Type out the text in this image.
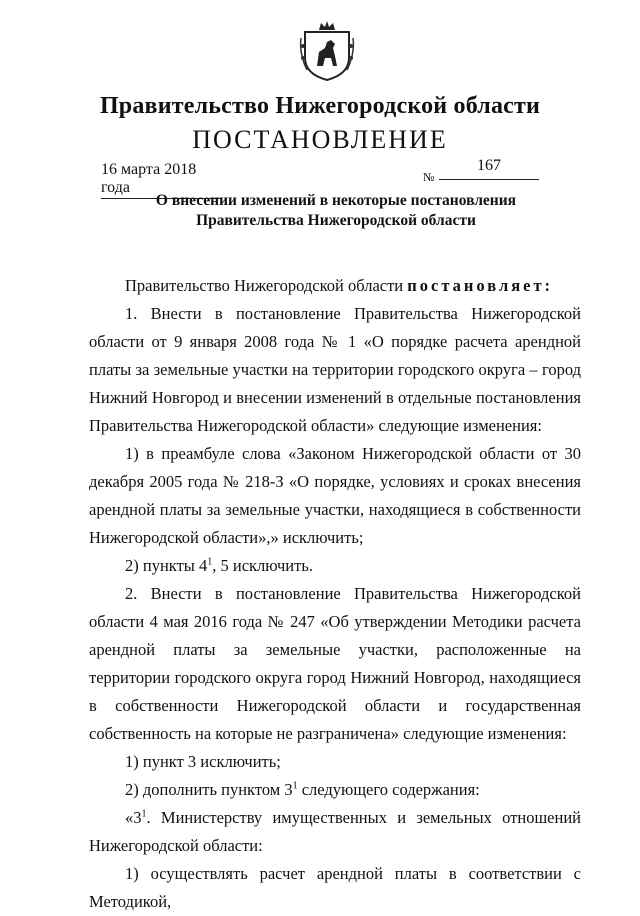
Правительство Нижегородской области
ПОСТАНОВЛЕНИЕ
16 марта 2018 года
№
167
О внесении изменений в некоторые постановления
Правительства Нижегородской области

Правительство Нижегородской области постановляет:

1. Внести в постановление Правительства Нижегородской области от 9 января 2008 года № 1 «О порядке расчета арендной платы за земельные участки на территории городского округа – город Нижний Новгород и внесении изменений в отдельные постановления Правительства Нижегородской области» следующие изменения:

1) в преамбуле слова «Законом Нижегородской области от 30 декабря 2005 года № 218-З «О порядке, условиях и сроках внесения арендной платы за земельные участки, находящиеся в собственности Нижегородской области»,» исключить;

2) пункты $4^1$, 5 исключить.

2. Внести в постановление Правительства Нижегородской области 4 мая 2016 года № 247 «Об утверждении Методики расчета арендной платы за земельные участки, расположенные на территории городского округа город Нижний Новгород, находящиеся в собственности Нижегородской области и государственная собственность на которые не разграничена» следующие изменения:

1) пункт 3 исключить;

2) дополнить пунктом $3^1$ следующего содержания:

«$3^1$. Министерству имущественных и земельных отношений Нижегородской области:

1) осуществлять расчет арендной платы в соответствии с Методикой,
